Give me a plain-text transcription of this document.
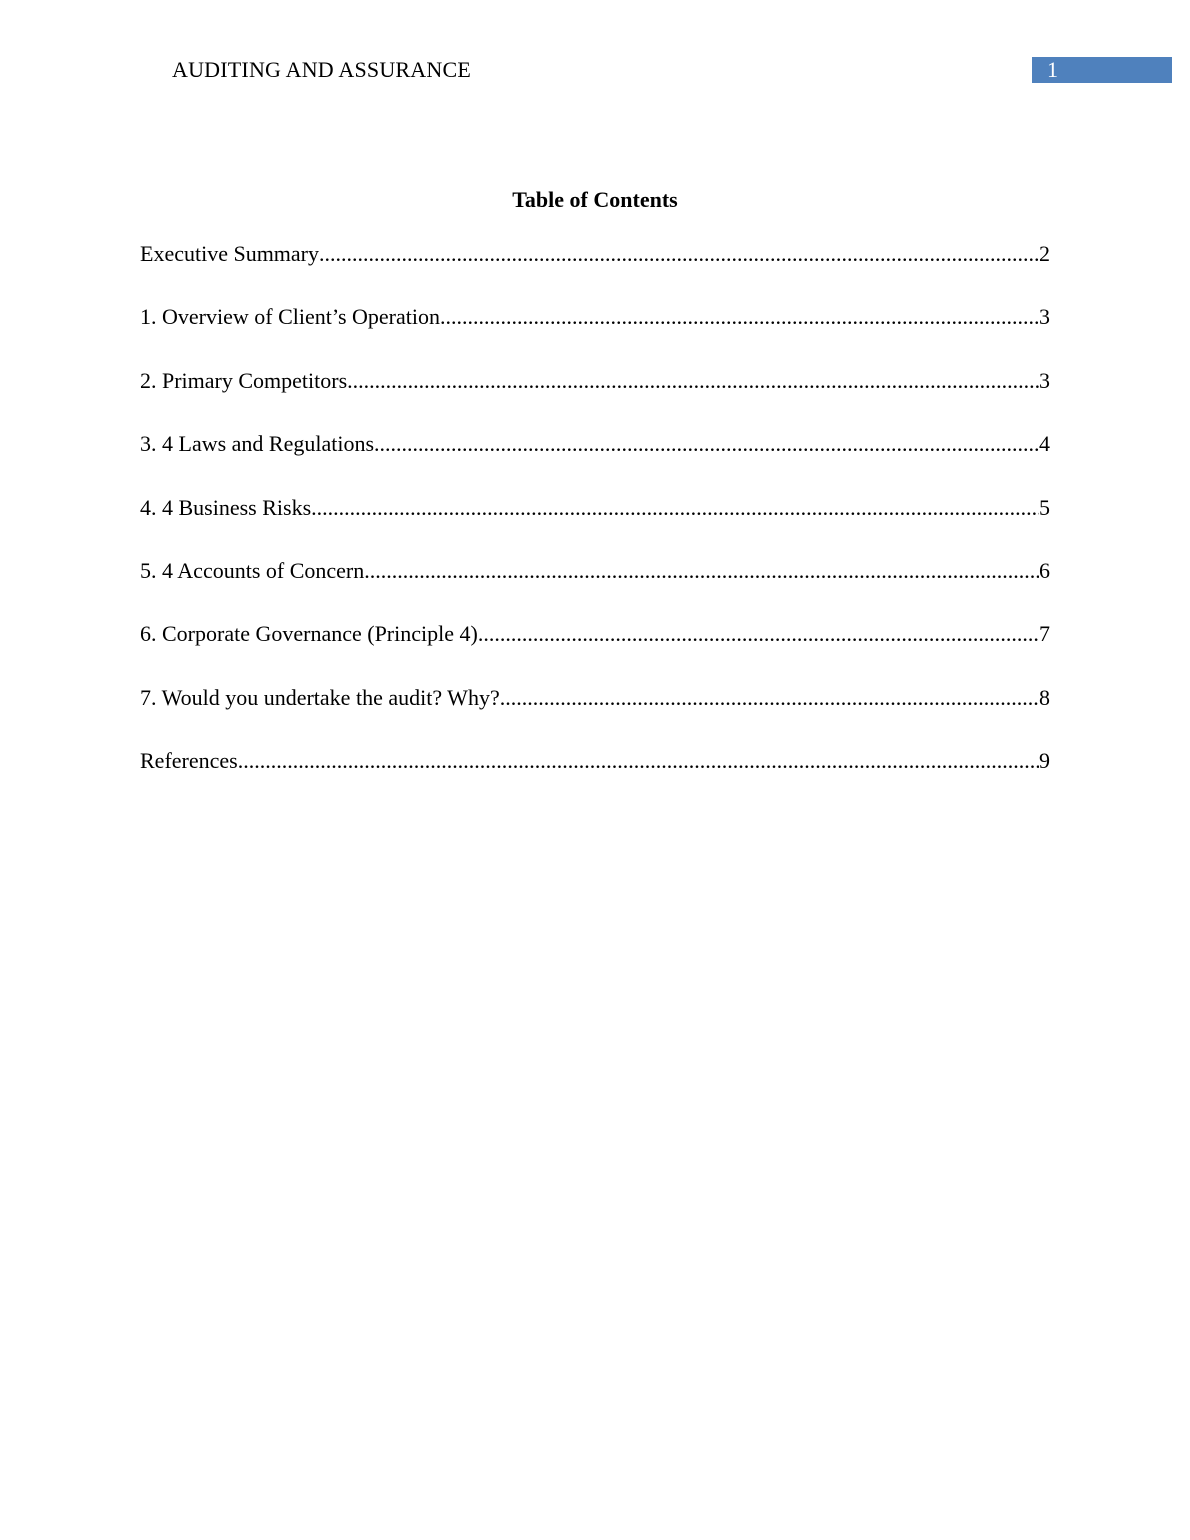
AUDITING AND ASSURANCE	1
Table of Contents
Executive Summary .....	2
1. Overview of Client’s Operation .....	3
2. Primary Competitors .....	3
3. 4 Laws and Regulations .....	4
4. 4 Business Risks .....	5
5. 4 Accounts of Concern .....	6
6. Corporate Governance (Principle 4) .....	7
7. Would you undertake the audit? Why? .....	8
References .....	9
